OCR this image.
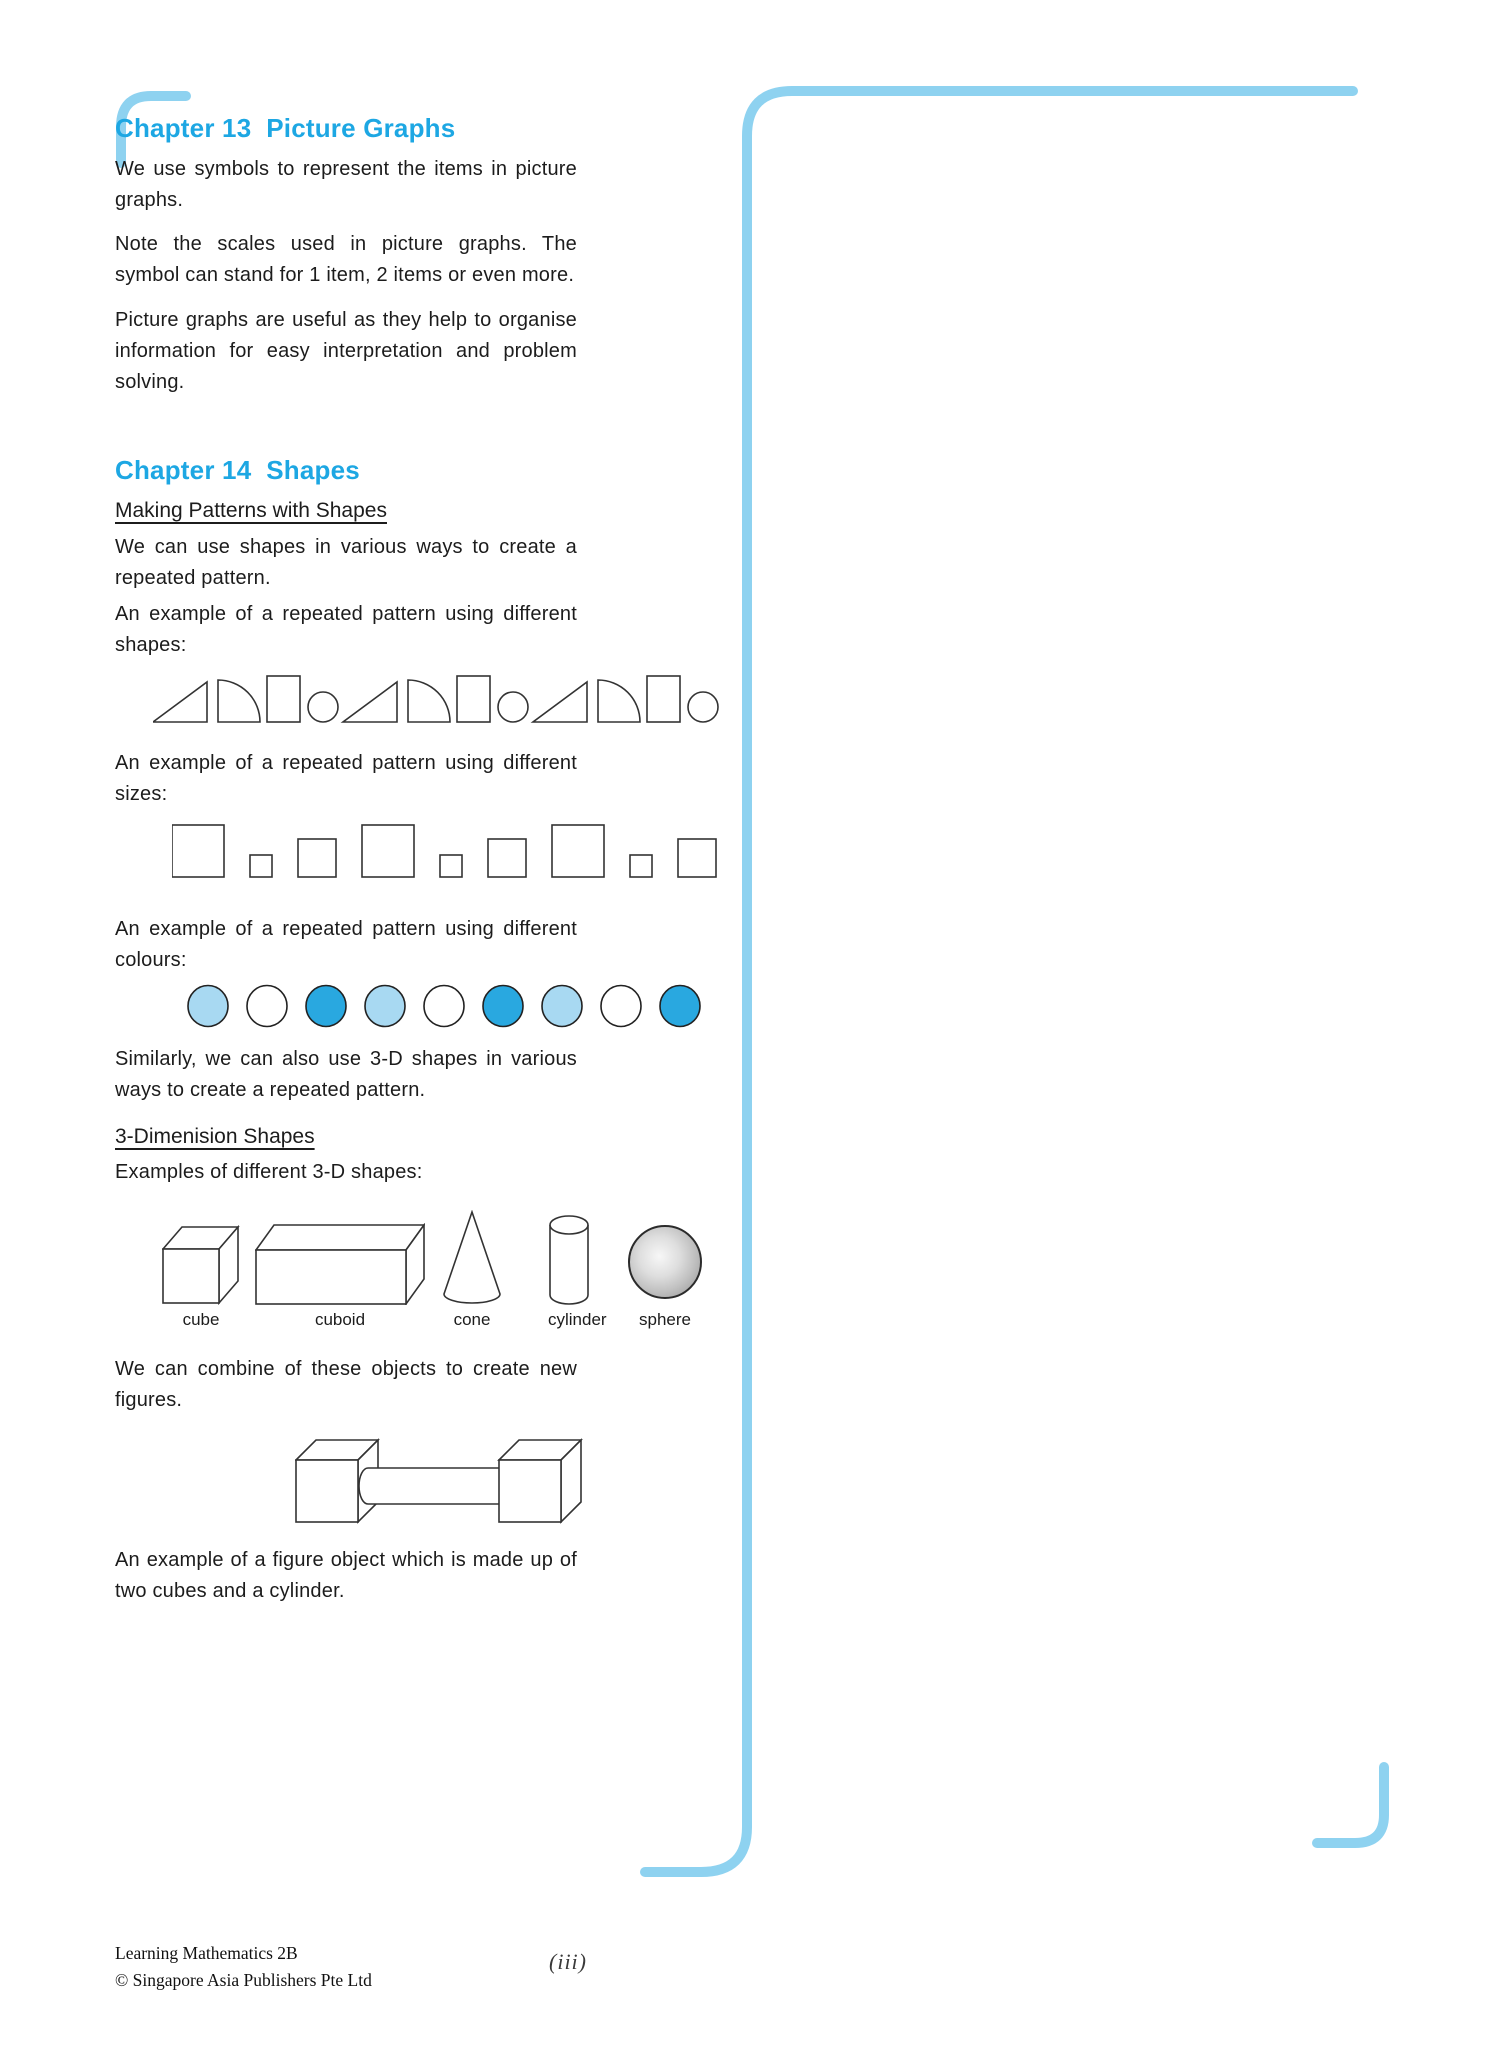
Chapter 13  Picture Graphs

We use symbols to represent the items in picture graphs.

Note the scales used in picture graphs. The symbol can stand for 1 item, 2 items or even more.

Picture graphs are useful as they help to organise information for easy interpretation and problem solving.

Chapter 14  Shapes

Making Patterns with Shapes

We can use shapes in various ways to create a repeated pattern.

An example of a repeated pattern using different shapes:

An example of a repeated pattern using different sizes:

An example of a repeated pattern using different colours:

Similarly, we can also use 3-D shapes in various ways to create a repeated pattern.

3-Dimenision Shapes

Examples of different 3-D shapes:

cube	cuboid	cone	cylinder	sphere

We can combine of these objects to create new figures.

An example of a figure object which is made up of two cubes and a cylinder.

Learning Mathematics 2B
© Singapore Asia Publishers Pte Ltd
(iii)
